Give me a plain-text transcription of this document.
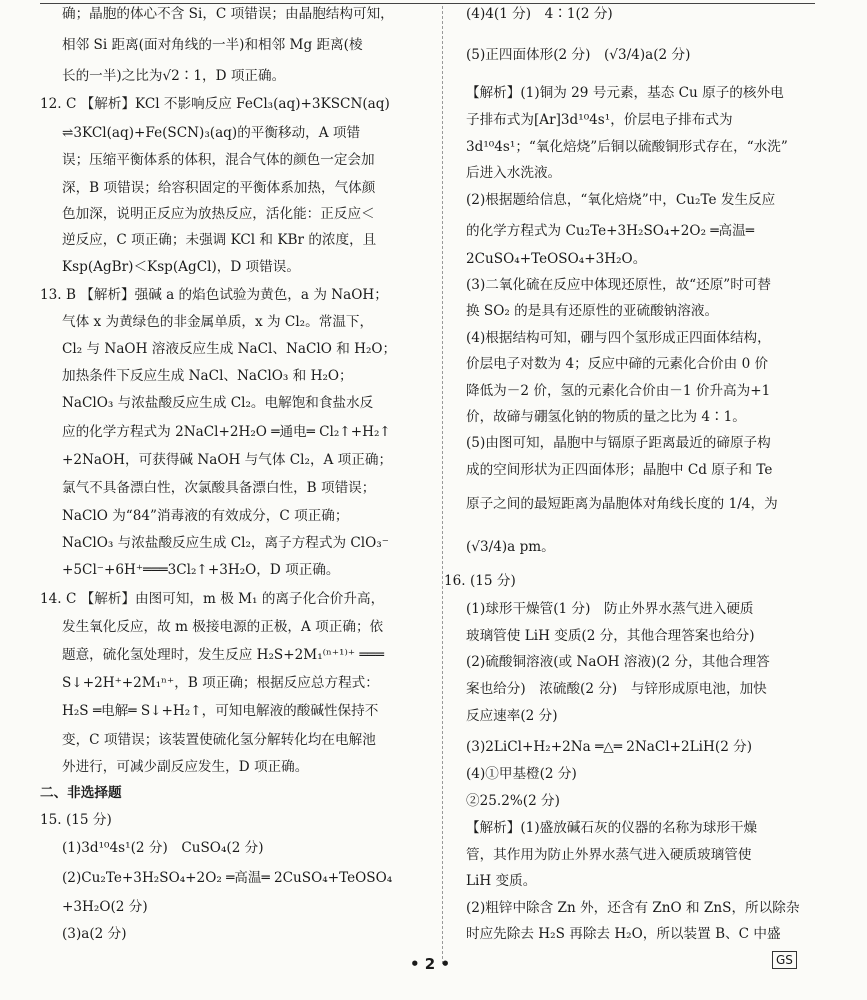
确；晶胞的体心不含 Si，C 项错误；由晶胞结构可知，
相邻 Si 距离(面对角线的一半)和相邻 Mg 距离(棱
长的一半)之比为√2∶1，D 项正确。
12. C 【解析】KCl 不影响反应 FeCl₃(aq)+3KSCN(aq)
⇌3KCl(aq)+Fe(SCN)₃(aq)的平衡移动，A 项错
误；压缩平衡体系的体积，混合气体的颜色一定会加
深，B 项错误；给容积固定的平衡体系加热，气体颜
色加深，说明正反应为放热反应，活化能：正反应＜
逆反应，C 项正确；未强调 KCl 和 KBr 的浓度，且
Ksp(AgBr)＜Ksp(AgCl)，D 项错误。
13. B 【解析】强碱 a 的焰色试验为黄色，a 为 NaOH；
气体 x 为黄绿色的非金属单质，x 为 Cl₂。常温下，
Cl₂ 与 NaOH 溶液反应生成 NaCl、NaClO 和 H₂O；
加热条件下反应生成 NaCl、NaClO₃ 和 H₂O；
NaClO₃ 与浓盐酸反应生成 Cl₂。电解饱和食盐水反
应的化学方程式为 2NaCl+2H₂O ═通电═ Cl₂↑+H₂↑
+2NaOH，可获得碱 NaOH 与气体 Cl₂，A 项正确；
氯气不具备漂白性，次氯酸具备漂白性，B 项错误；
NaClO 为“84”消毒液的有效成分，C 项正确；
NaClO₃ 与浓盐酸反应生成 Cl₂，离子方程式为 ClO₃⁻
+5Cl⁻+6H⁺═══3Cl₂↑+3H₂O，D 项正确。
14. C 【解析】由图可知，m 极 M₁ 的离子化合价升高，
发生氧化反应，故 m 极接电源的正极，A 项正确；依
题意，硫化氢处理时，发生反应 H₂S+2M₁⁽ⁿ⁺¹⁾⁺ ═══
S↓+2H⁺+2M₁ⁿ⁺，B 项正确；根据反应总方程式：
H₂S ═电解═ S↓+H₂↑，可知电解液的酸碱性保持不
变，C 项错误；该装置使硫化氢分解转化均在电解池
外进行，可减少副反应发生，D 项正确。
二、非选择题
15. (15 分)
(1)3d¹⁰4s¹(2 分)　CuSO₄(2 分)
(2)Cu₂Te+3H₂SO₄+2O₂ ═高温═ 2CuSO₄+TeOSO₄
+3H₂O(2 分)
(3)a(2 分)
(4)4(1 分)　4∶1(2 分)
(5)正四面体形(2 分)　(√3/4)a(2 分)
【解析】(1)铜为 29 号元素，基态 Cu 原子的核外电
子排布式为[Ar]3d¹⁰4s¹，价层电子排布式为
3d¹⁰4s¹；“氧化焙烧”后铜以硫酸铜形式存在，“水洗”
后进入水洗液。
(2)根据题给信息，“氧化焙烧”中，Cu₂Te 发生反应
的化学方程式为 Cu₂Te+3H₂SO₄+2O₂ ═高温═
2CuSO₄+TeOSO₄+3H₂O。
(3)二氧化硫在反应中体现还原性，故“还原”时可替
换 SO₂ 的是具有还原性的亚硫酸钠溶液。
(4)根据结构可知，硼与四个氢形成正四面体结构，
价层电子对数为 4；反应中碲的元素化合价由 0 价
降低为－2 价，氢的元素化合价由－1 价升高为+1
价，故碲与硼氢化钠的物质的量之比为 4∶1。
(5)由图可知，晶胞中与镉原子距离最近的碲原子构
成的空间形状为正四面体形；晶胞中 Cd 原子和 Te
原子之间的最短距离为晶胞体对角线长度的 1/4，为
(√3/4)a pm。
16. (15 分)
(1)球形干燥管(1 分)　防止外界水蒸气进入硬质
玻璃管使 LiH 变质(2 分，其他合理答案也给分)
(2)硫酸铜溶液(或 NaOH 溶液)(2 分，其他合理答
案也给分)　浓硫酸(2 分)　与锌形成原电池，加快
反应速率(2 分)
(3)2LiCl+H₂+2Na ═△═ 2NaCl+2LiH(2 分)
(4)①甲基橙(2 分)
②25.2%(2 分)
【解析】(1)盛放碱石灰的仪器的名称为球形干燥
管，其作用为防止外界水蒸气进入硬质玻璃管使
LiH 变质。
(2)粗锌中除含 Zn 外，还含有 ZnO 和 ZnS，所以除杂
时应先除去 H₂S 再除去 H₂O，所以装置 B、C 中盛
• 2 •	GS
